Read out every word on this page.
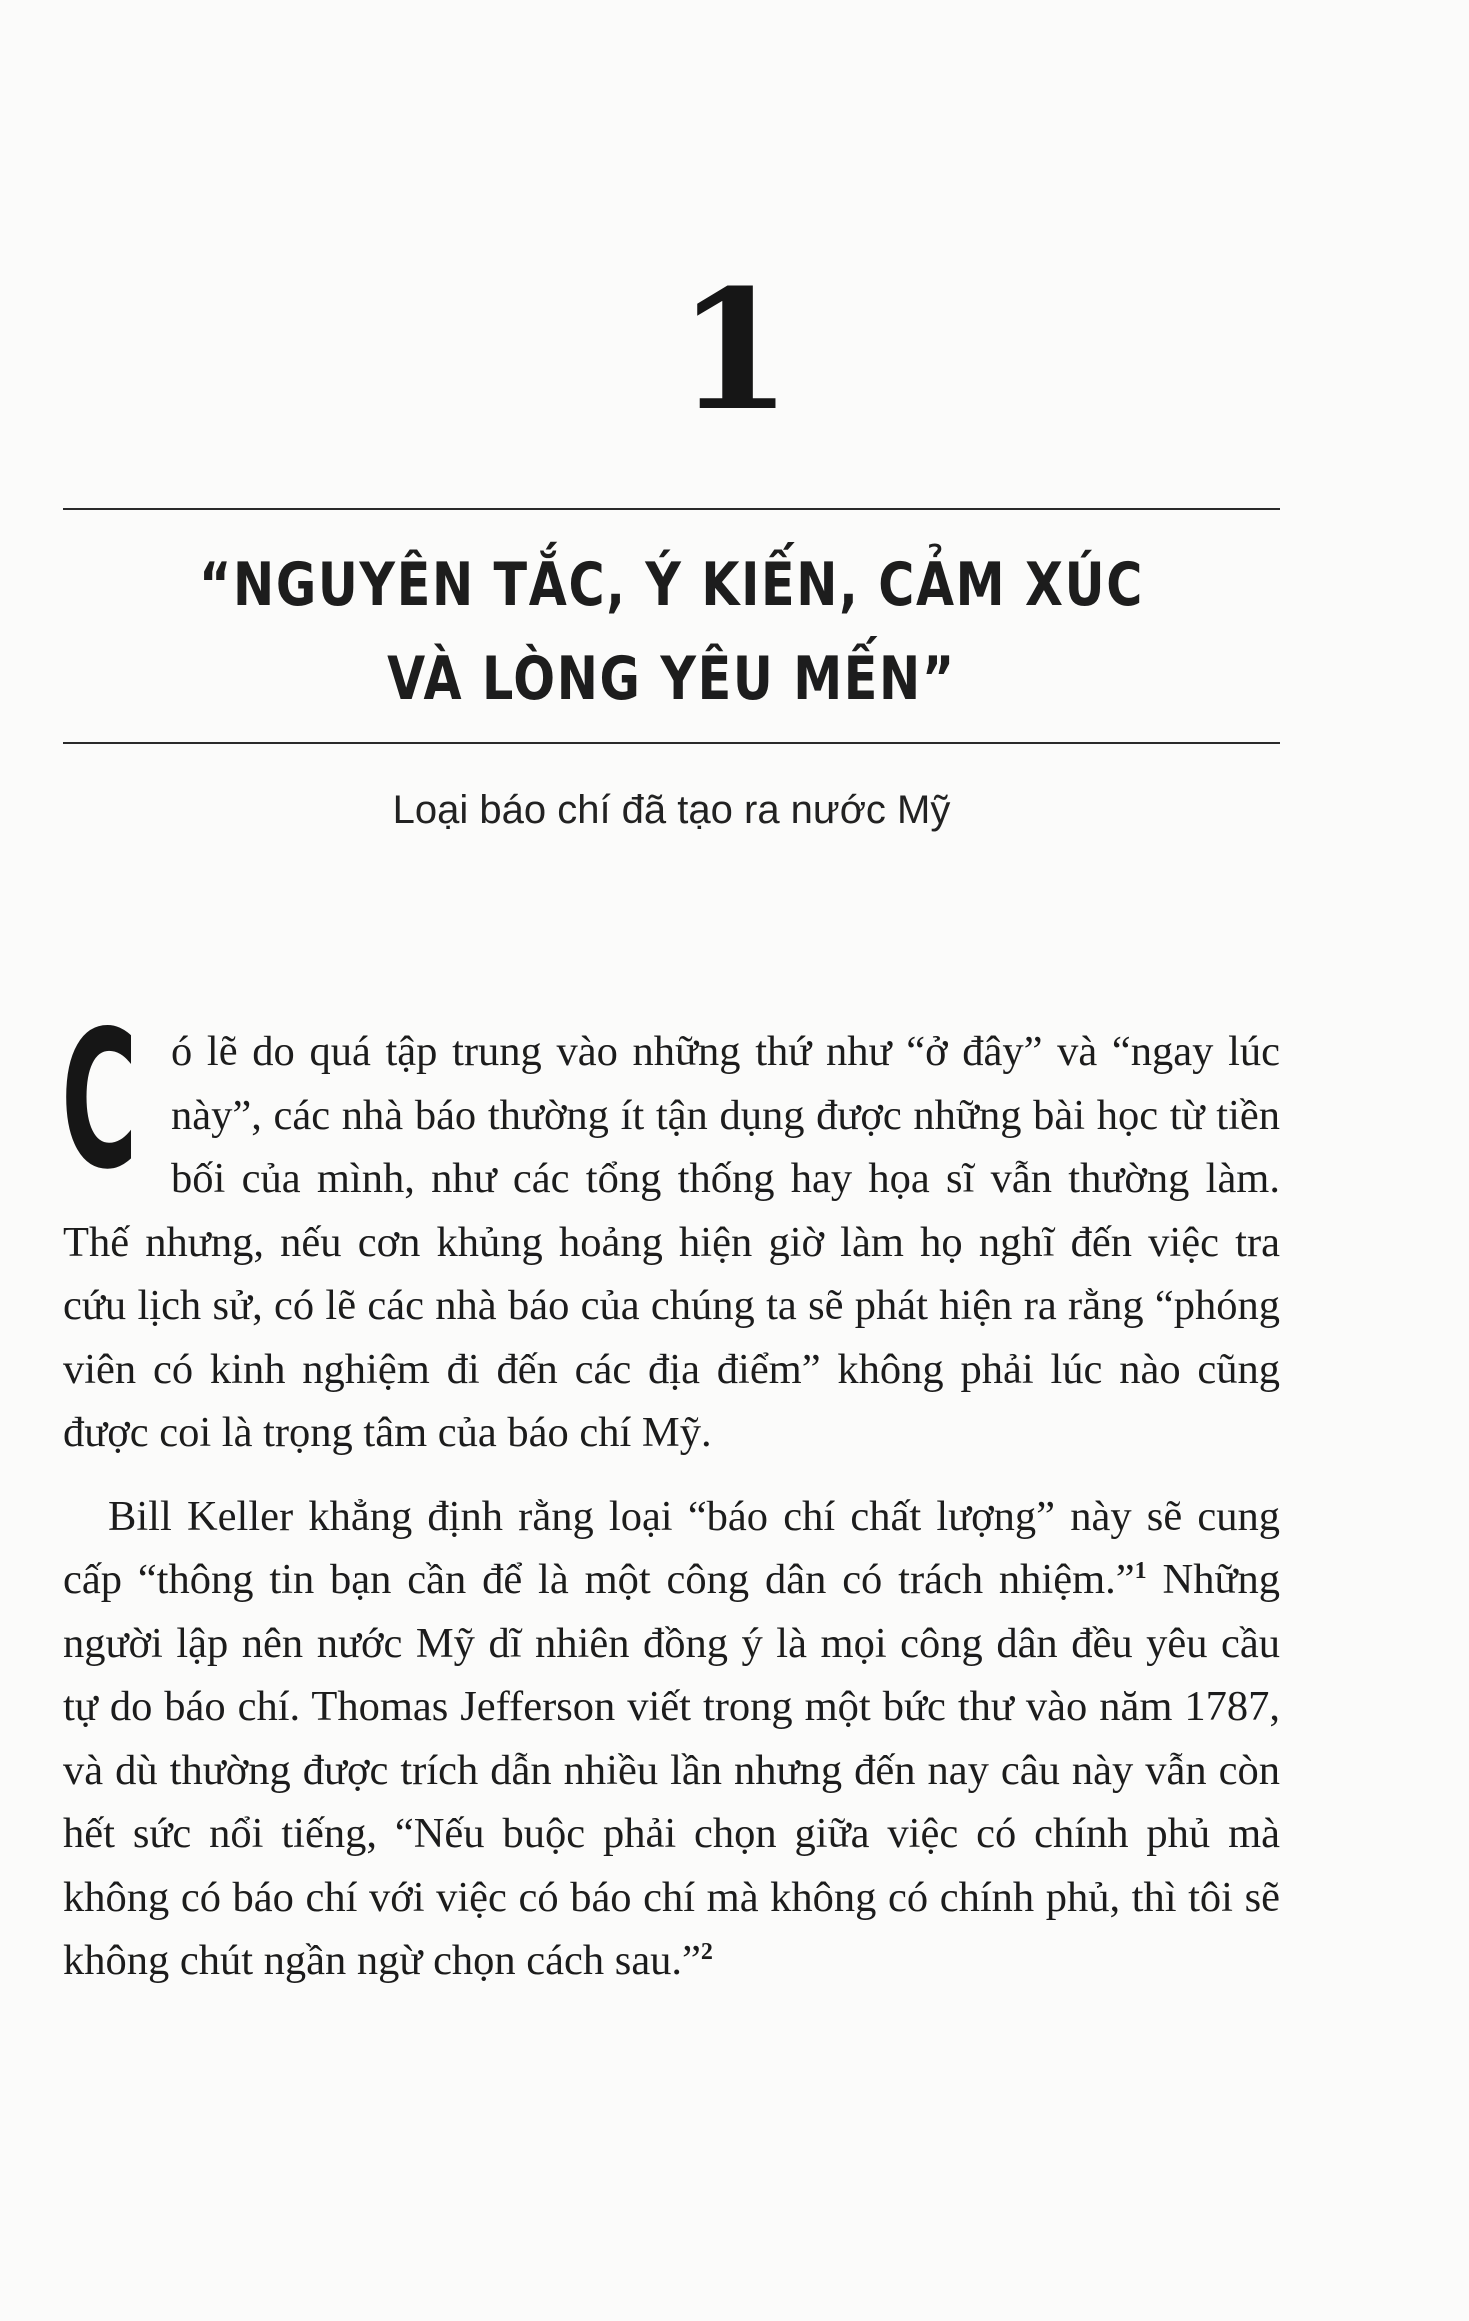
1
“NGUYÊN TẮC, Ý KIẾN, CẢM XÚC
VÀ LÒNG YÊU MẾN”
Loại báo chí đã tạo ra nước Mỹ

Có lẽ do quá tập trung vào những thứ như “ở đây” và “ngay lúc này”, các nhà báo thường ít tận dụng được những bài học từ tiền bối của mình, như các tổng thống hay họa sĩ vẫn thường làm. Thế nhưng, nếu cơn khủng hoảng hiện giờ làm họ nghĩ đến việc tra cứu lịch sử, có lẽ các nhà báo của chúng ta sẽ phát hiện ra rằng “phóng viên có kinh nghiệm đi đến các địa điểm” không phải lúc nào cũng được coi là trọng tâm của báo chí Mỹ.

Bill Keller khẳng định rằng loại “báo chí chất lượng” này sẽ cung cấp “thông tin bạn cần để là một công dân có trách nhiệm.”$^1$ Những người lập nên nước Mỹ dĩ nhiên đồng ý là mọi công dân đều yêu cầu tự do báo chí. Thomas Jefferson viết trong một bức thư vào năm 1787, và dù thường được trích dẫn nhiều lần nhưng đến nay câu này vẫn còn hết sức nổi tiếng, “Nếu buộc phải chọn giữa việc có chính phủ mà không có báo chí với việc có báo chí mà không có chính phủ, thì tôi sẽ không chút ngần ngừ chọn cách sau.”$^2$
